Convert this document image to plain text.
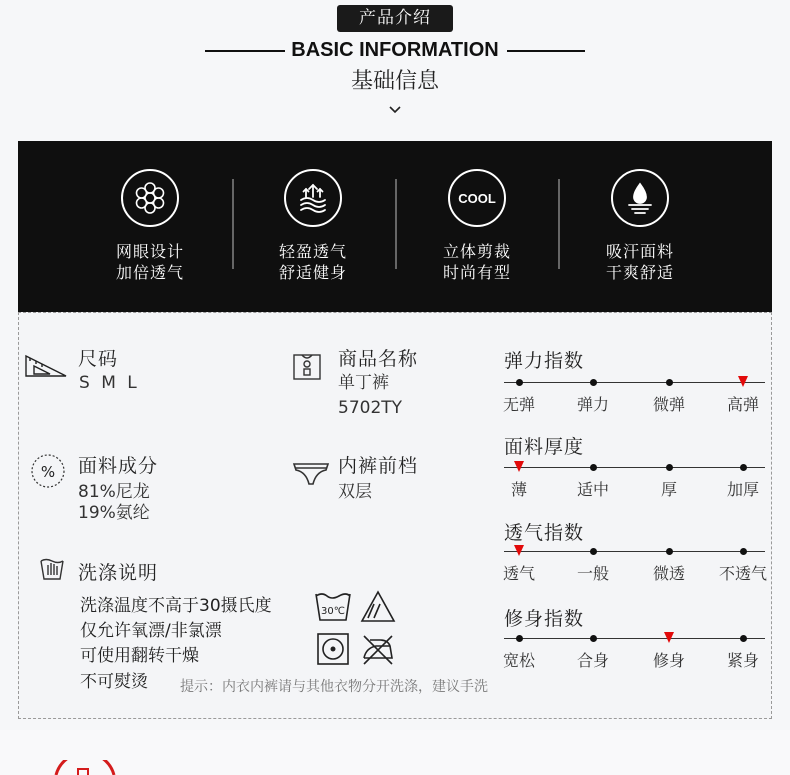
产品介绍
BASIC INFORMATION
基础信息
网眼设计
加倍透气
轻盈透气
舒适健身
COOL
立体剪裁
时尚有型
吸汗面料
干爽舒适
尺码
S M L
商品名称
单丁裤
5702TY
% 面料成分
81%尼龙
19%氨纶
内裤前档
双层
洗涤说明
洗涤温度不高于30摄氏度
仅允许氧漂/非氯漂
可使用翻转干燥
不可熨烫
30℃
提示：内衣内裤请与其他衣物分开洗涤，建议手洗
弹力指数
面料厚度
透气指数
修身指数
无弹	弹力	微弹	高弹
薄	适中	厚	加厚
透气	一般	微透	不透气
宽松	合身	修身	紧身
